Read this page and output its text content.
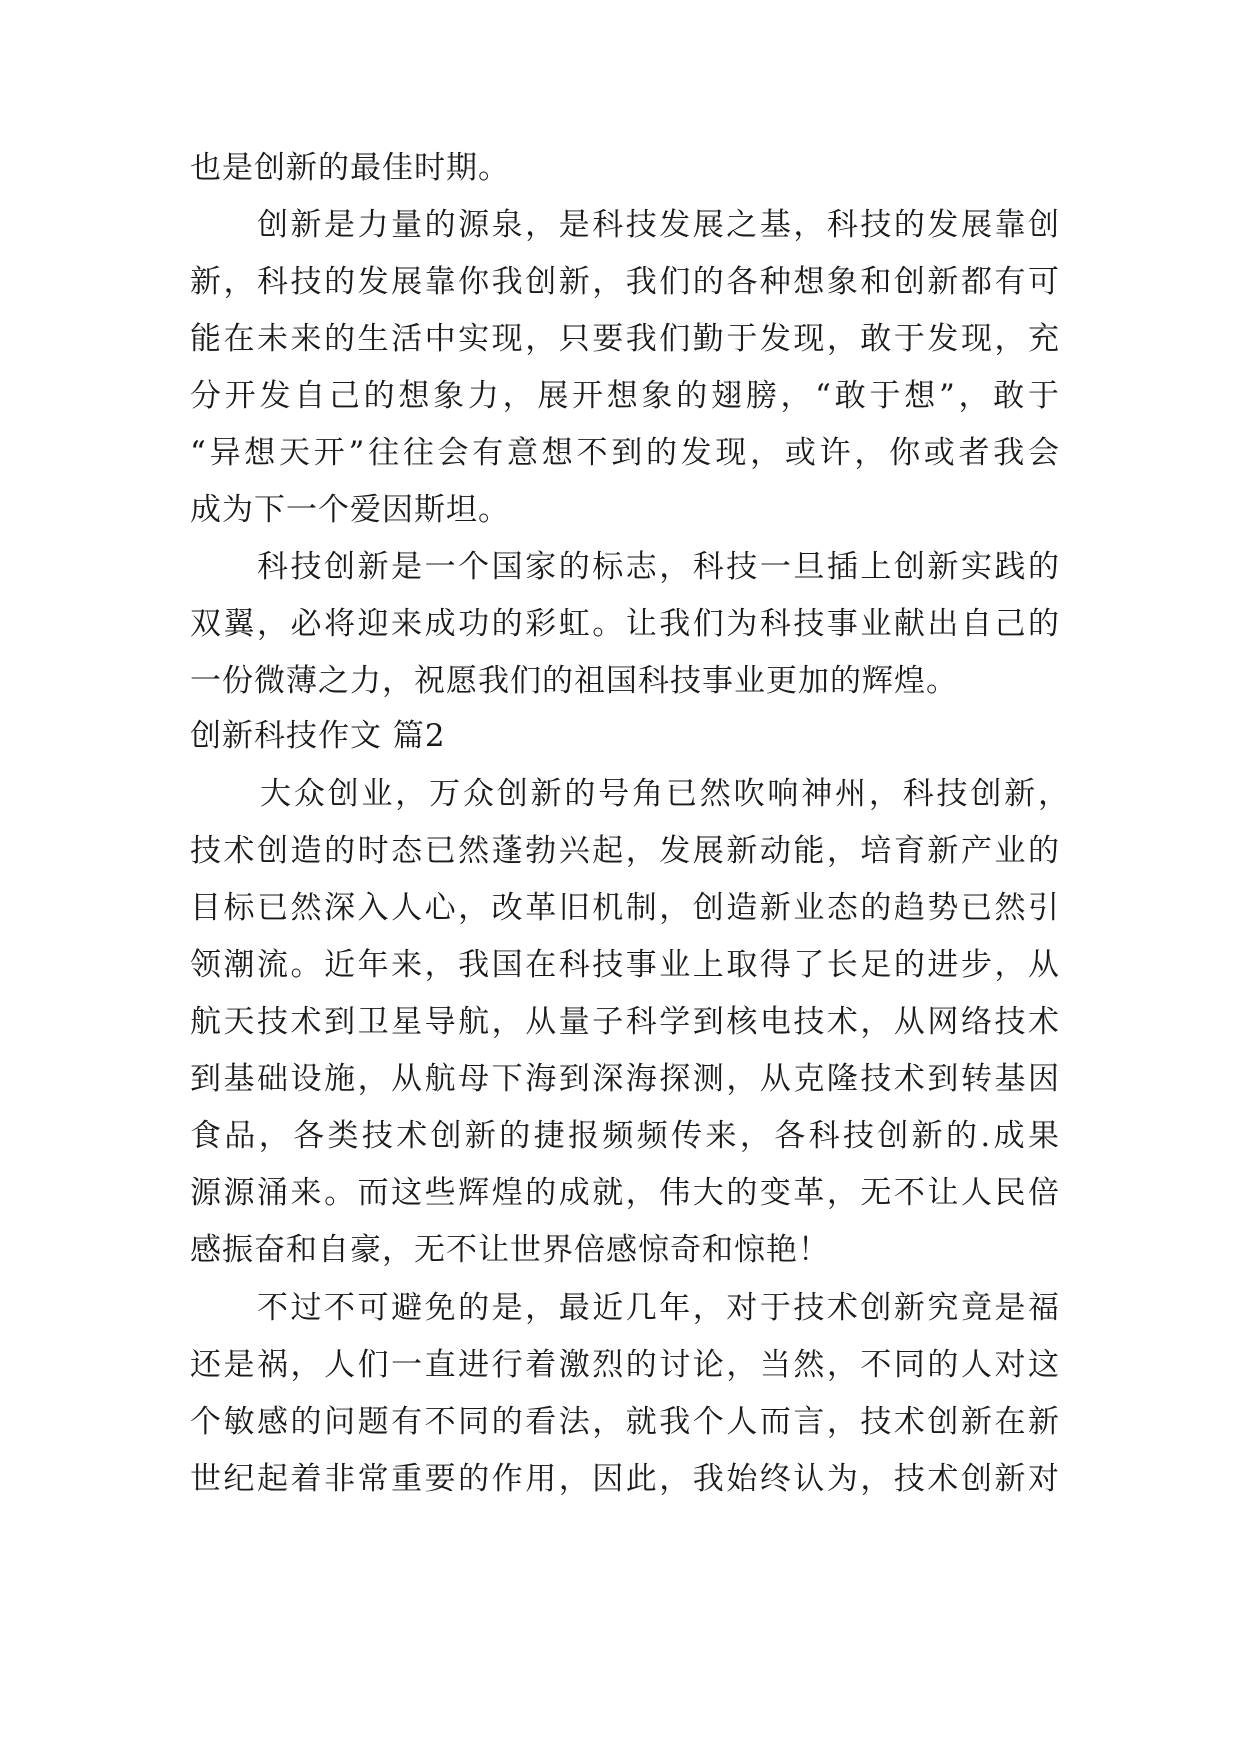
也是创新的最佳时期。
创新是力量的源泉，是科技发展之基，科技的发展靠创
新，科技的发展靠你我创新，我们的各种想象和创新都有可
能在未来的生活中实现，只要我们勤于发现，敢于发现，充
分开发自己的想象力，展开想象的翅膀，“敢于想”，敢于
“异想天开”往往会有意想不到的发现，或许，你或者我会
成为下一个爱因斯坦。
科技创新是一个国家的标志，科技一旦插上创新实践的
双翼，必将迎来成功的彩虹。让我们为科技事业献出自己的
一份微薄之力，祝愿我们的祖国科技事业更加的辉煌。
创新科技作文 篇2
大众创业，万众创新的号角已然吹响神州，科技创新，
技术创造的时态已然蓬勃兴起，发展新动能，培育新产业的
目标已然深入人心，改革旧机制，创造新业态的趋势已然引
领潮流。近年来，我国在科技事业上取得了长足的进步，从
航天技术到卫星导航，从量子科学到核电技术，从网络技术
到基础设施，从航母下海到深海探测，从克隆技术到转基因
食品，各类技术创新的捷报频频传来，各科技创新的.成果
源源涌来。而这些辉煌的成就，伟大的变革，无不让人民倍
感振奋和自豪，无不让世界倍感惊奇和惊艳！
不过不可避免的是，最近几年，对于技术创新究竟是福
还是祸，人们一直进行着激烈的讨论，当然，不同的人对这
个敏感的问题有不同的看法，就我个人而言，技术创新在新
世纪起着非常重要的作用，因此，我始终认为，技术创新对
